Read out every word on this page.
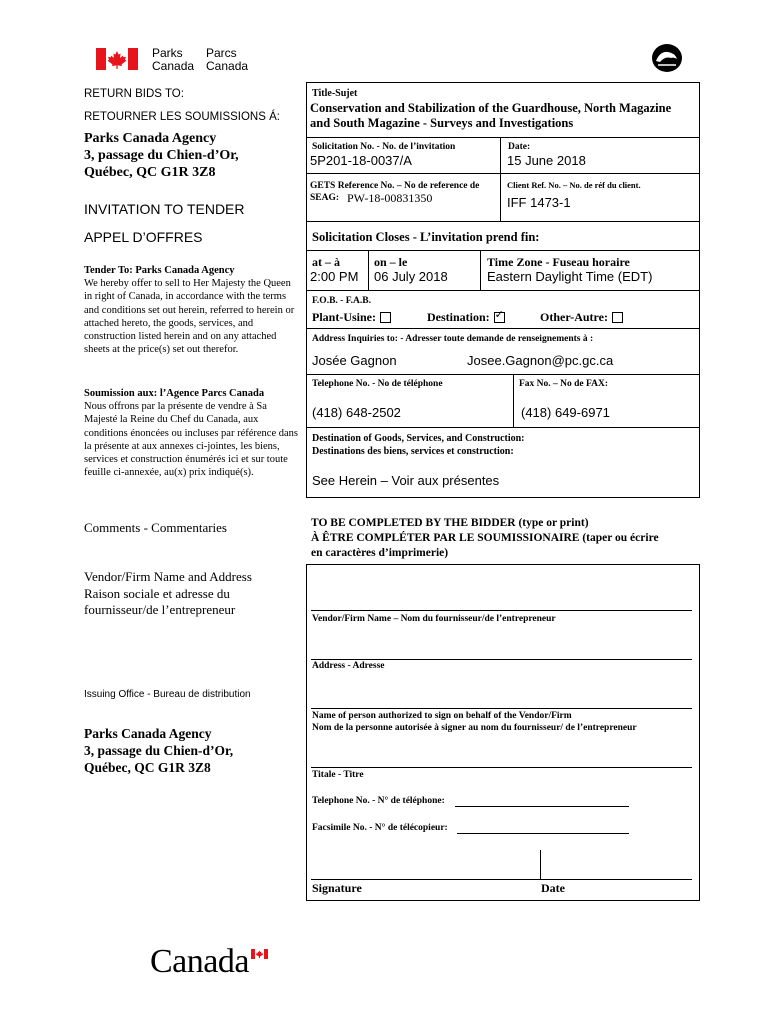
Parks
Canada
Parcs
Canada
RETURN BIDS TO:
RETOURNER LES SOUMISSIONS Á:
Parks Canada Agency
3, passage du Chien-d’Or,
Québec, QC G1R 3Z8
INVITATION TO TENDER
APPEL D’OFFRES
Tender To: Parks Canada Agency
We hereby offer to sell to Her Majesty the Queen in right of Canada, in accordance with the terms and conditions set out herein, referred to herein or attached hereto, the goods, services, and construction listed herein and on any attached sheets at the price(s) set out therefor.
Soumission aux: l’Agence Parcs Canada
Nous offrons par la présente de vendre à Sa Majesté la Reine du Chef du Canada, aux conditions énoncées ou incluses par référence dans la présente at aux annexes ci-jointes, les biens, services et construction énumérés ici et sur toute feuille ci-annexée, au(x) prix indiqué(s).
Comments - Commentaries
Vendor/Firm Name and Address
Raison sociale et adresse du
fournisseur/de l’entrepreneur
Issuing Office - Bureau de distribution
Parks Canada Agency
3, passage du Chien-d’Or,
Québec, QC G1R 3Z8
Title-Sujet
Conservation and Stabilization of the Guardhouse, North Magazine
and South Magazine - Surveys and Investigations
Solicitation No. - No. de l’invitation
5P201-18-0037/A
Date:
15 June 2018
GETS Reference No. – No de reference de
SEAG: PW-18-00831350
Client Ref. No. – No. de réf du client.
IFF 1473-1
Solicitation Closes - L’invitation prend fin:
at – à
2:00 PM
on – le
06 July 2018
Time Zone - Fuseau horaire
Eastern Daylight Time (EDT)
F.O.B. - F.A.B.
Plant-Usine:	Destination:✓	Other-Autre:
Address Inquiries to: - Adresser toute demande de renseignements à :
Josée Gagnon	Josee.Gagnon@pc.gc.ca
Telephone No. - No de téléphone	Fax No. – No de FAX:
(418) 648-2502	(418) 649-6971
Destination of Goods, Services, and Construction:
Destinations des biens, services et construction:
See Herein – Voir aux présentes
TO BE COMPLETED BY THE BIDDER (type or print)
À ÊTRE COMPLÉTER PAR LE SOUMISSIONAIRE (taper ou écrire
en caractères d’imprimerie)
Vendor/Firm Name – Nom du fournisseur/de l’entrepreneur
Address - Adresse
Name of person authorized to sign on behalf of the Vendor/Firm
Nom de la personne autorisée à signer au nom du fournisseur/ de l’entrepreneur
Titale - Titre
Telephone No. - N° de téléphone:
Facsimile No. - N° de télécopieur:
Signature	Date
Canada
